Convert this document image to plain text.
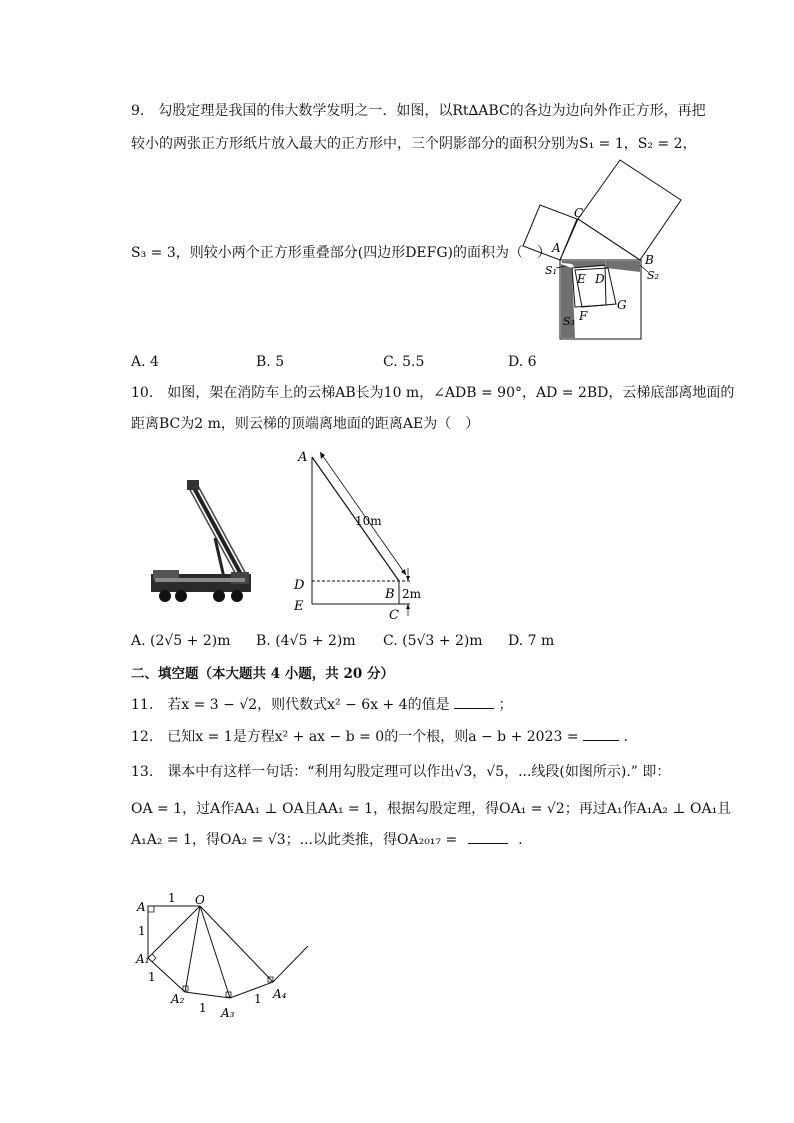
9.　勾股定理是我国的伟大数学发明之一．如图，以Rt∆ABC的各边为边向外作正方形，再把
较小的两张正方形纸片放入最大的正方形中，三个阴影部分的面积分别为S₁ = 1，S₂ = 2，
S₃ = 3，则较小两个正方形重叠部分(四边形DEFG)的面积为（　）
C
A
B
S₁	S₂
S₃
E D
G
F
A. 4	B. 5	C. 5.5	D. 6
10.　如图，架在消防车上的云梯AB长为10 m，∠ADB = 90°，AD = 2BD，云梯底部离地面的
距离BC为2 m，则云梯的顶端离地面的距离AE为（　）
A
10m
D
B 2m
E
C
A. (2√5 + 2)m B. (4√5 + 2)m C. (5√3 + 2)m D. 7 m
二、填空题（本大题共 4 小题，共 20 分）
11.　若x = 3 − √2，则代数式x² − 6x + 4的值是	；
12.　已知x = 1是方程x² + ax − b = 0的一个根，则a − b + 2023 =	.
13.　课本中有这样一句话：“利用勾股定理可以作出√3，√5，...线段(如图所示).” 即：
OA = 1，过A作AA₁ ⊥ OA且AA₁ = 1，根据勾股定理，得OA₁ = √2；再过A₁作A₁A₂ ⊥ OA₁且
A₁A₂ = 1，得OA₂ = √3；...以此类推，得OA₂₀₁₇ =	.
A
1 O
1
A₁
1
A₂
1 A₃
1 A₄
